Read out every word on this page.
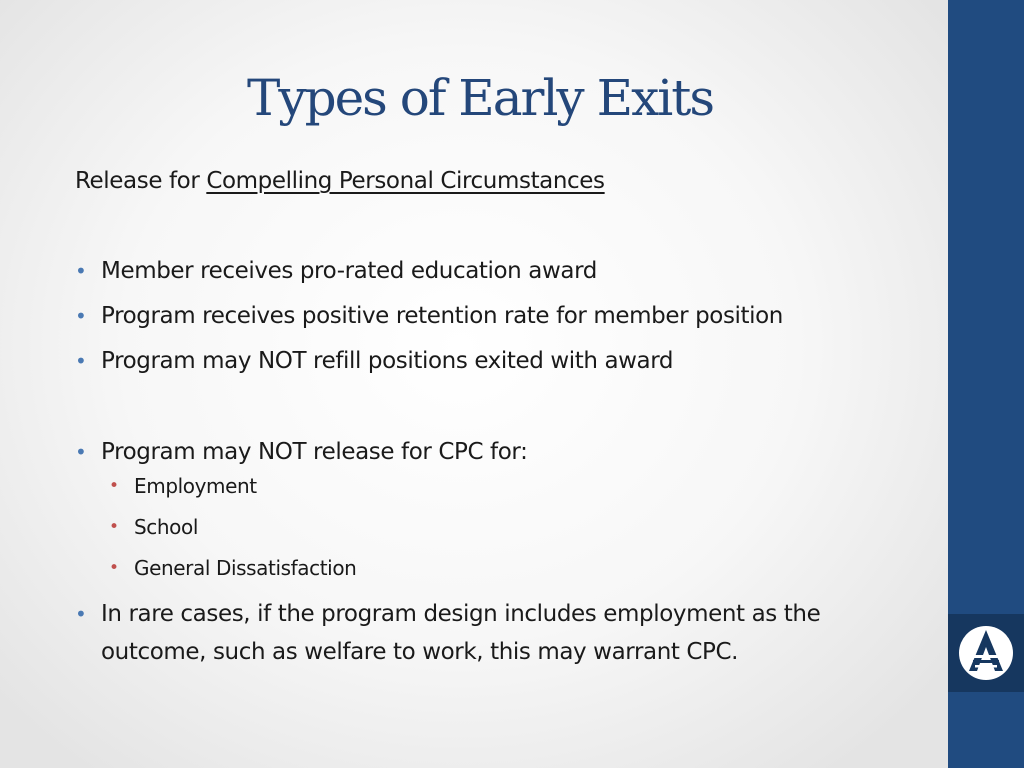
Types of Early Exits
Release for Compelling Personal Circumstances
• Member receives pro-rated education award
• Program receives positive retention rate for member position
• Program may NOT refill positions exited with award
• Program may NOT release for CPC for:
• Employment
• School
• General Dissatisfaction
• In rare cases, if the program design includes employment as the outcome, such as welfare to work, this may warrant CPC.
